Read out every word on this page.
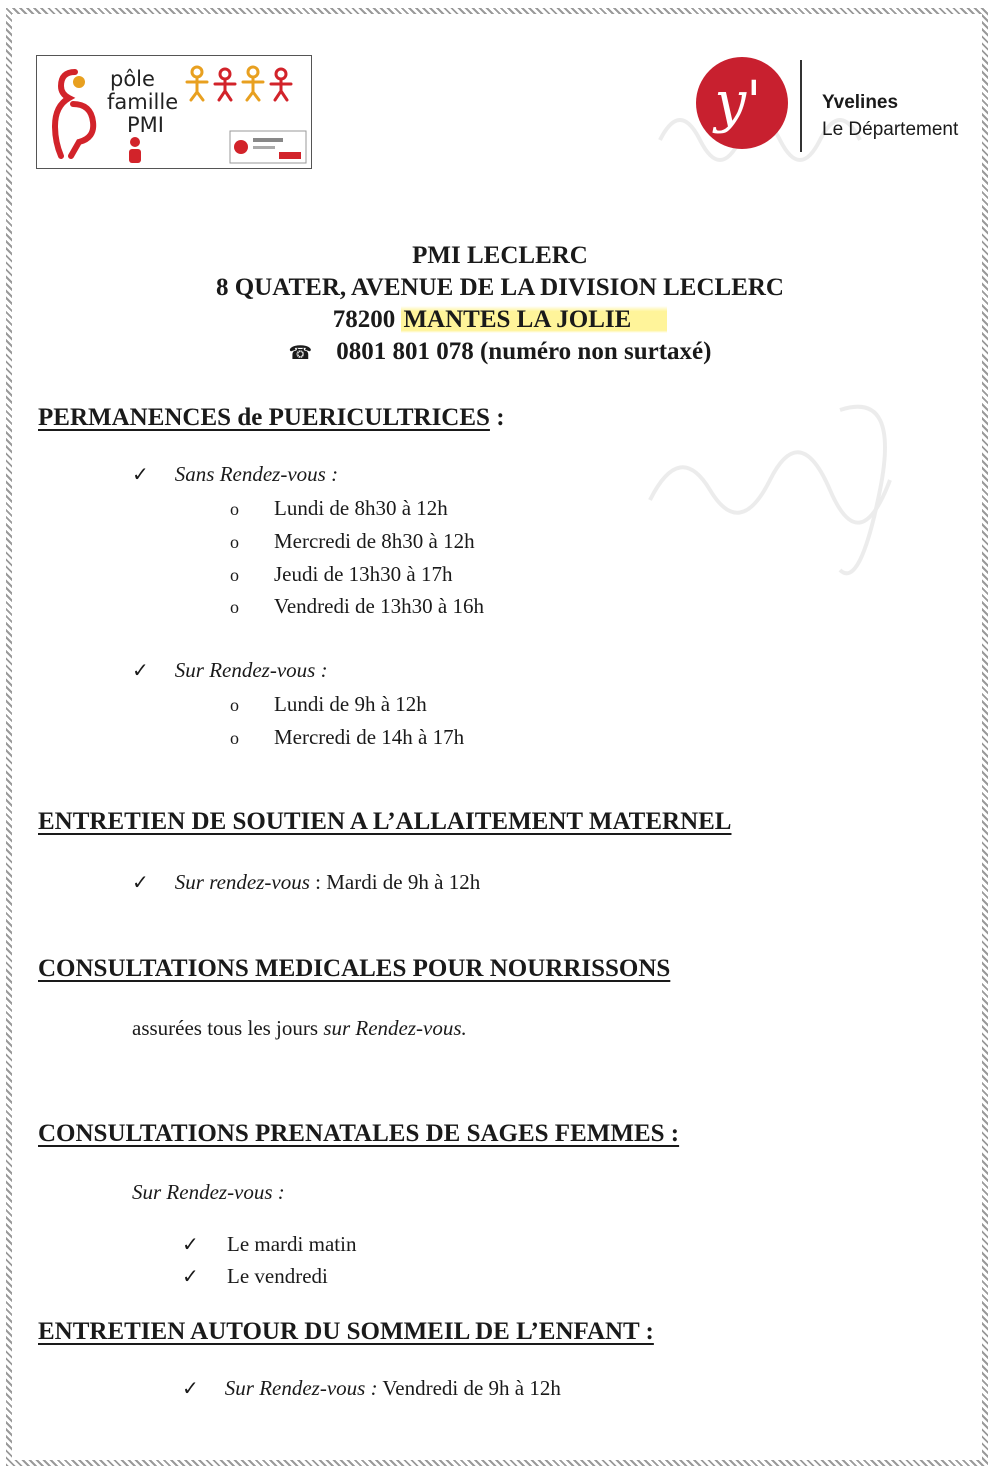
pôle
famille
PMI	y'	Yvelines
Le Département
PMI LECLERC
8 QUATER, AVENUE DE LA DIVISION LECLERC
78200 MANTES LA JOLIE
☎ 0801 801 078 (numéro non surtaxé)
PERMANENCES de PUERICULTRICES :
✓ Sans Rendez-vous :
o Lundi de 8h30 à 12h
o Mercredi de 8h30 à 12h
o Jeudi de 13h30 à 17h
o Vendredi de 13h30 à 16h
✓ Sur Rendez-vous :
o Lundi de 9h à 12h
o Mercredi de 14h à 17h
ENTRETIEN DE SOUTIEN A L’ALLAITEMENT MATERNEL
✓ Sur rendez-vous : Mardi de 9h à 12h
CONSULTATIONS MEDICALES POUR NOURRISSONS
assurées tous les jours sur Rendez-vous.
CONSULTATIONS PRENATALES DE SAGES FEMMES :
Sur Rendez-vous :
✓ Le mardi matin
✓ Le vendredi
ENTRETIEN AUTOUR DU SOMMEIL DE L’ENFANT :
✓ Sur Rendez-vous : Vendredi de 9h à 12h
